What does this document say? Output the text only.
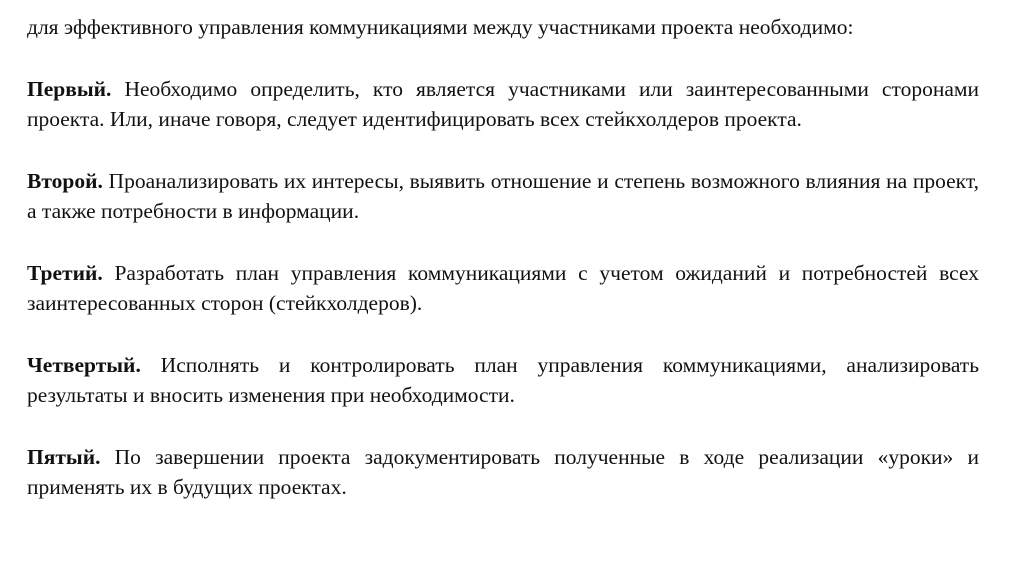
для эффективного управления коммуникациями между участниками проекта необходимо:

Первый. Необходимо определить, кто является участниками или заинтересованными сторонами проекта. Или, иначе говоря, следует идентифицировать всех стейкхолдеров проекта.

Второй. Проанализировать их интересы, выявить отношение и степень возможного влияния на проект, а также потребности в информации.

Третий. Разработать план управления коммуникациями с учетом ожиданий и потребностей всех заинтересованных сторон (стейкхолдеров).

Четвертый. Исполнять и контролировать план управления коммуникациями, анализировать результаты и вносить изменения при необходимости.

Пятый. По завершении проекта задокументировать полученные в ходе реализации «уроки» и применять их в будущих проектах.
